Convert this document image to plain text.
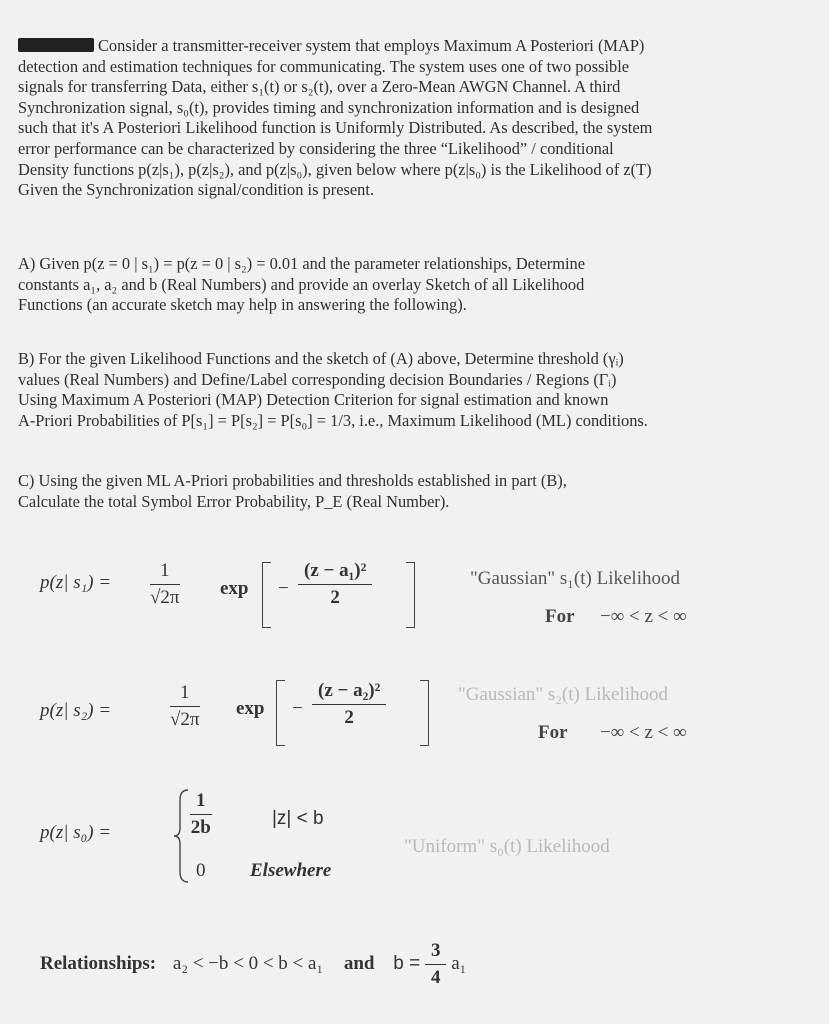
Consider a transmitter-receiver system that employs Maximum A Posteriori (MAP)

detection and estimation techniques for communicating. The system uses one of two possible

signals for transferring Data, either s₁(t) or s₂(t), over a Zero-Mean AWGN Channel. A third

Synchronization signal, s₀(t), provides timing and synchronization information and is designed

such that it's A Posteriori Likelihood function is Uniformly Distributed. As described, the system

error performance can be characterized by considering the three “Likelihood” / conditional

Density functions p(z|s₁), p(z|s₂), and p(z|s₀), given below where p(z|s₀) is the Likelihood of z(T)

Given the Synchronization signal/condition is present.

A) Given p(z = 0 | s₁) = p(z = 0 | s₂) = 0.01 and the parameter relationships, Determine

constants a₁, a₂ and b (Real Numbers) and provide an overlay Sketch of all Likelihood

Functions (an accurate sketch may help in answering the following).

B) For the given Likelihood Functions and the sketch of (A) above, Determine threshold (γᵢ)

values (Real Numbers) and Define/Label corresponding decision Boundaries / Regions (Γᵢ)

Using Maximum A Posteriori (MAP) Detection Criterion for signal estimation and known

A-Priori Probabilities of P[s₁] = P[s₂] = P[s₀] = 1/3, i.e., Maximum Likelihood (ML) conditions.

C) Using the given ML A-Priori probabilities and thresholds established in part (B),

Calculate the total Symbol Error Probability, P_E (Real Number).

p(z| $s_1) = \frac{1}{√2\pi}$ $\exp - \frac{\text{(z − a₁)²}}{2}$	"Gaussian" s₁(t) Likelihood
For −∞ < z < ∞
p(z| s₂) =	$\frac{1}{√2\pi}$ $\exp - \frac{\text{(z − a₂)²}}{2}$	"Gaussian" s₂(t) Likelihood
For −∞ < z < ∞
p(z| s₀) =	$\frac{1}{2b}$	|z| < b
0 Elsewhere
"Uniform" s₀(t) Likelihood
Relationships: a₂ < −b < 0 < b < a₁ and $b = \frac{3}{4} a_1$
